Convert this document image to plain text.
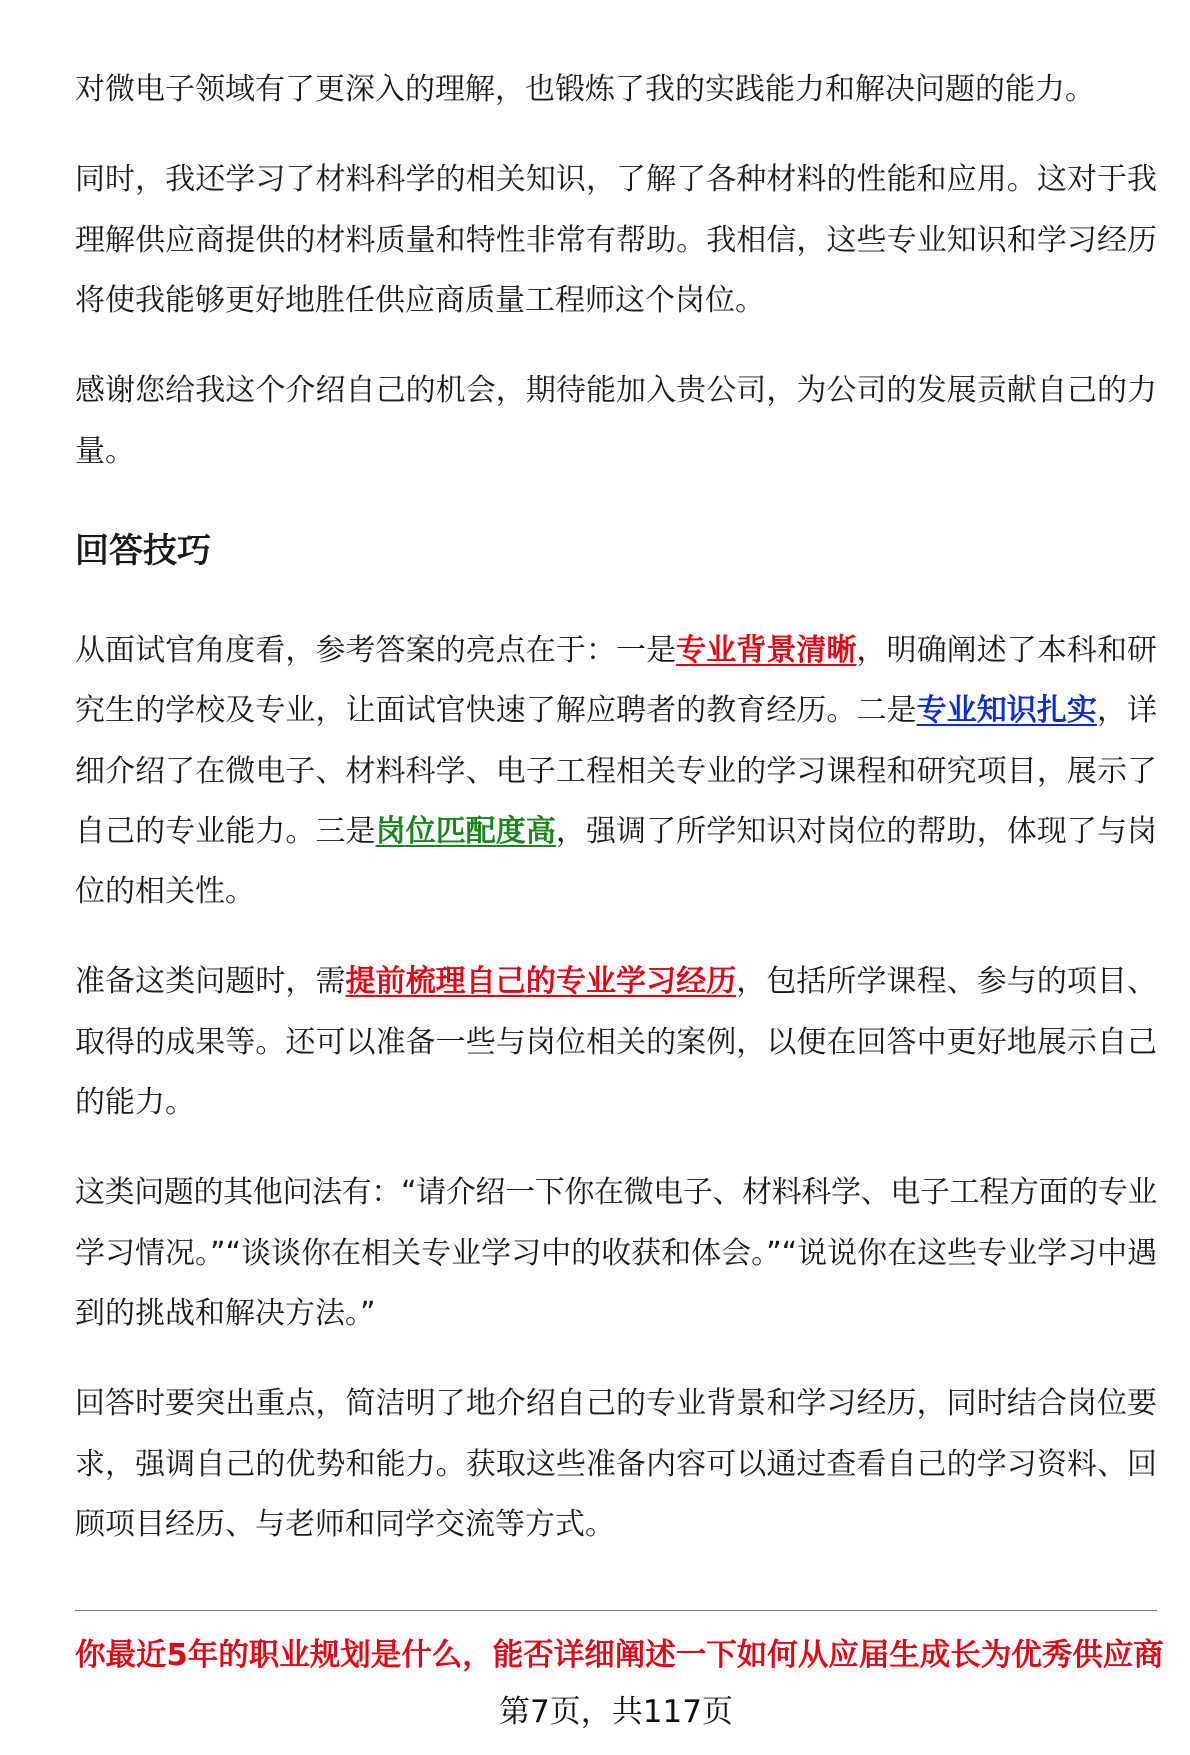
对微电子领域有了更深入的理解，也锻炼了我的实践能力和解决问题的能力。
同时，我还学习了材料科学的相关知识，了解了各种材料的性能和应用。这对于我
理解供应商提供的材料质量和特性非常有帮助。我相信，这些专业知识和学习经历
将使我能够更好地胜任供应商质量工程师这个岗位。
感谢您给我这个介绍自己的机会，期待能加入贵公司，为公司的发展贡献自己的力
量。
回答技巧
从面试官角度看，参考答案的亮点在于：一是专业背景清晰，明确阐述了本科和研
究生的学校及专业，让面试官快速了解应聘者的教育经历。二是专业知识扎实，详
细介绍了在微电子、材料科学、电子工程相关专业的学习课程和研究项目，展示了
自己的专业能力。三是岗位匹配度高，强调了所学知识对岗位的帮助，体现了与岗
位的相关性。
准备这类问题时，需提前梳理自己的专业学习经历，包括所学课程、参与的项目、
取得的成果等。还可以准备一些与岗位相关的案例，以便在回答中更好地展示自己
的能力。
这类问题的其他问法有：“请介绍一下你在微电子、材料科学、电子工程方面的专业
学习情况。”“谈谈你在相关专业学习中的收获和体会。”“说说你在这些专业学习中遇
到的挑战和解决方法。”
回答时要突出重点，简洁明了地介绍自己的专业背景和学习经历，同时结合岗位要
求，强调自己的优势和能力。获取这些准备内容可以通过查看自己的学习资料、回
顾项目经历、与老师和同学交流等方式。
你最近5年的职业规划是什么，能否详细阐述一下如何从应届生成长为优秀供应商
第7页，共117页
